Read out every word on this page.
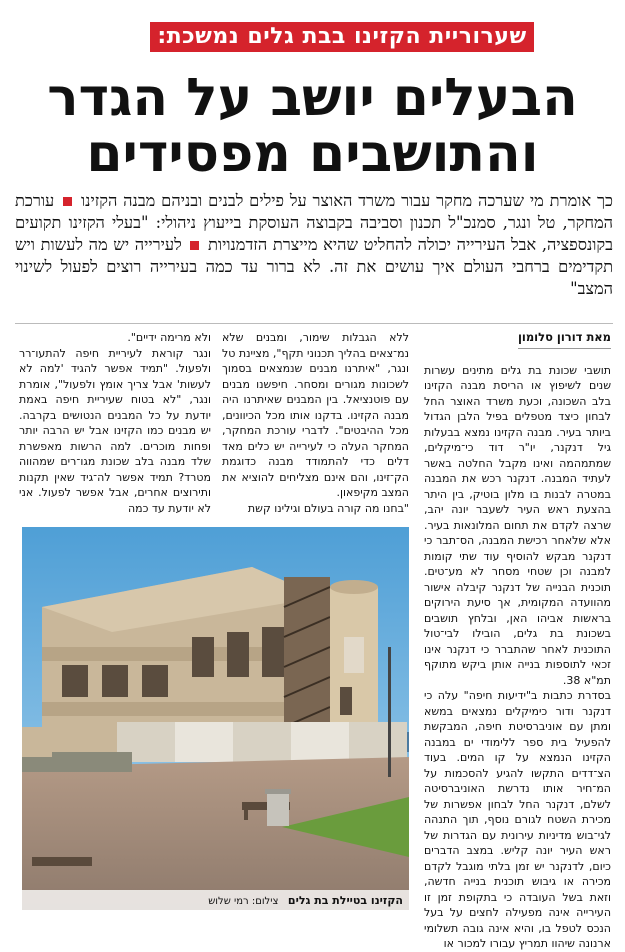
שערוריית הקזינו בבת גלים נמשכת:
הבעלים יושב על הגדר
והתושבים מפסידים
כך אומרת מי שערכה מחקר עבור משרד האוצר על פילים לבנים ובניהם מבנה הקזינו  עורכת המחקר, טל ונגר, סמנכ"ל תכנון וסביבה בקבוצה העוסקת בייעוץ ניהולי: "בעלי הקזינו תקועים בקונספציה, אבל העירייה יכולה להחליט שהיא מייצרת הזדמנויות  לעירייה יש מה לעשות ויש תקדימים ברחבי העולם איך עושים את זה. לא ברור עד כמה בעירייה רוצים לפעול לשינוי המצב"
מאת דורון סלומון
תושבי שכונת בת גלים מתינים עשרות שנים לשיפוץ או הריסת מבנה הקזינו בלב השכונה, וכעת משרד האוצר החל לבחון כיצד מטפלים בפיל הלבן הגדול ביותר בעיר. מבנה הקזינו נמצא בבעלות גיל דנקנר, יו"ר דוד כי־מיקלים, שמתמהמה ואינו מקבל החלטה באשר לעתיד המבנה. דנקנר רכש את המבנה במטרה לבנות בו מלון בוטיק, בין היתר בהצעת ראש העיר לשעבר יונה יהב, שרצה לקדם את תחום המלונאות בעיר. אלא שלאחר רכישת המבנה, הס־תבר כי דנקנר מבקש להוסיף עוד שתי קומות למבנה וכן שטחי מסחר לא מע־טים. תוכנית הבנייה של דנקנר קיבלה אישור מהוועדה המקומית, אך סיעת הירוקים בראשות אביהו האן, ובלחץ תושבים בשכונת בת גלים, הובילו לבי־טול התוכנית לאחר שהתברר כי דנקנר אינו זכאי לתוספות בנייה אותן ביקש מתוקף תמ"א 38.
בסדרת כתבות ב"ידיעות חיפה" עלה כי דנקנר ודור כימיקלים נמצאים במשא ומתן עם אוניברסיטת חיפה, המבקשת להפעיל בית ספר ללימודי ים במבנה הקזינו הנמצא על קו המים. בעוד הצ־דדים התקשו להגיע להסכמות על המ־חיר אותו נדרשת האוניברסיטה לשלם, דנקנר החל לבחון אפשרות של מכירת השטח לגורם נוסף, תוך התנהה לגי־בוש מדיניות עירונית עם הגדרות של ראש העיר יונה קליש. במצב הדברים כיום, לדנקנר יש זמן בלתי מוגבל לקדם מכירה או גיבוש תוכנית בנייה חדשה, וזאת בשל העובדה כי בתקופת זמן זו העירייה אינה מפעילה לחצים על בעל הנכס לטפל בו, והיא אינה גובה תשלומי ארנונה שיהוו תמריץ עבורו למכור או
ללא הגבלות שימור, ומבנים שלא נמ־צאים בהליך תכנוני תקף", מציינת טל ונגר, "איתרנו מבנים שנמצאים בסמוך לשכונות מגורים ומסחר. חיפשנו מבנים עם פוטנציאל. בין המבנים שאיתרנו היה מבנה הקזינו. בדקנו אותו מכל הכיוונים, מכל ההיבטים". לדברי עורכת המחקר, המחקר העלה כי לעירייה יש כלים מאד דלים כדי להתמודד מבנה כדוגמת הק־זינו, והם אינם מצליחים להוציא את המצב מקיפאון.
"בחנו מה קורה בעולם וגילינו קשת
ולא מרימה ידיים".
ונגר קוראת לעיריית חיפה להתעו־רר ולפעול. "תמיד אפשר להגיד 'למה לא לעשות' אבל צריך אומץ ולפעול", אומרת ונגר, "לא בטוח שעיריית חיפה באמת יודעת על כל המבנים הנטושים בקרבה. יש מבנים כמו הקזינו אבל יש הרבה יותר ופחות מוכרים. למה הרשות מאפשרת שלד מבנה בלב שכונת מגו־רים שמהווה מטרד? תמיד אפשר לה־גיד שאין תקנות ותירוצים אחרים, אבל אפשר לפעול. אני לא יודעת עד כמה
הקזינו בטיילת בת גלים צילום: רמי שלוש
